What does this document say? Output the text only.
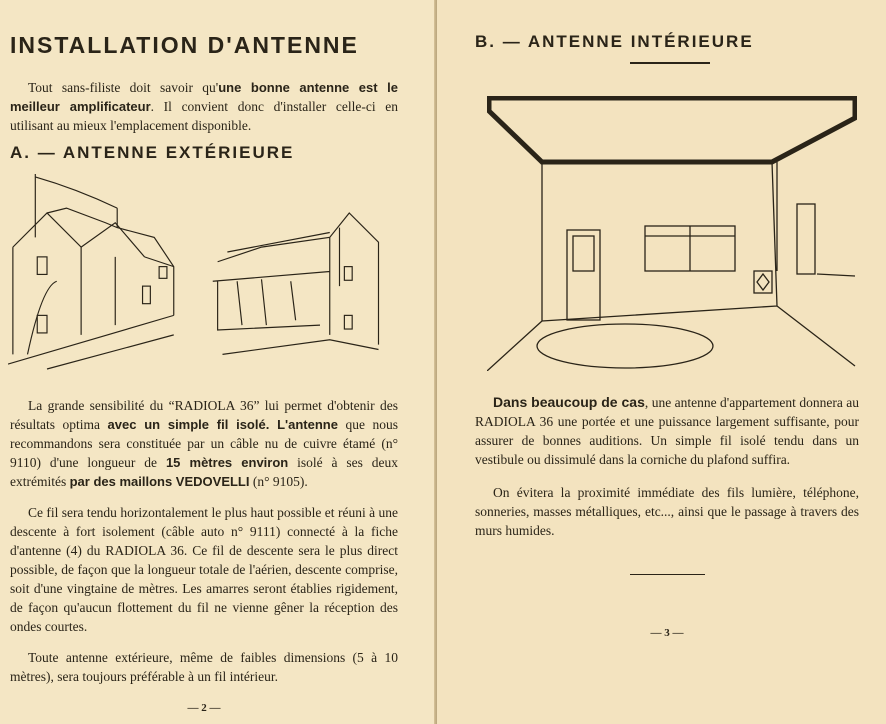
INSTALLATION D'ANTENNE

Tout sans-filiste doit savoir qu'une bonne antenne est le meilleur amplificateur. Il convient donc d'installer celle-ci en utilisant au mieux l'emplacement disponible.

A. — ANTENNE EXTÉRIEURE

La grande sensibilité du “RADIOLA 36” lui permet d'obtenir des résultats optima avec un simple fil isolé. L'antenne que nous recommandons sera constituée par un câble nu de cuivre étamé (n° 9110) d'une longueur de 15 mètres environ isolé à ses deux extrémités par des maillons VEDOVELLI (n° 9105).

Ce fil sera tendu horizontalement le plus haut possible et réuni à une descente à fort isolement (câble auto n° 9111) connecté à la fiche d'antenne (4) du RADIOLA 36. Ce fil de descente sera le plus direct possible, de façon que la longueur totale de l'aérien, descente comprise, soit d'une vingtaine de mètres. Les amarres seront établies rigidement, de façon qu'aucun flottement du fil ne vienne gêner la réception des ondes courtes.

Toute antenne extérieure, même de faibles dimensions (5 à 10 mètres), sera toujours préférable à un fil intérieur.

— 2 —
B. — ANTENNE INTÉRIEURE

Dans beaucoup de cas, une antenne d'appartement donnera au RADIOLA 36 une portée et une puissance largement suffisante, pour assurer de bonnes auditions. Un simple fil isolé tendu dans un vestibule ou dissimulé dans la corniche du plafond suffira.

On évitera la proximité immédiate des fils lumière, téléphone, sonneries, masses métalliques, etc..., ainsi que le passage à travers des murs humides.

— 3 —
